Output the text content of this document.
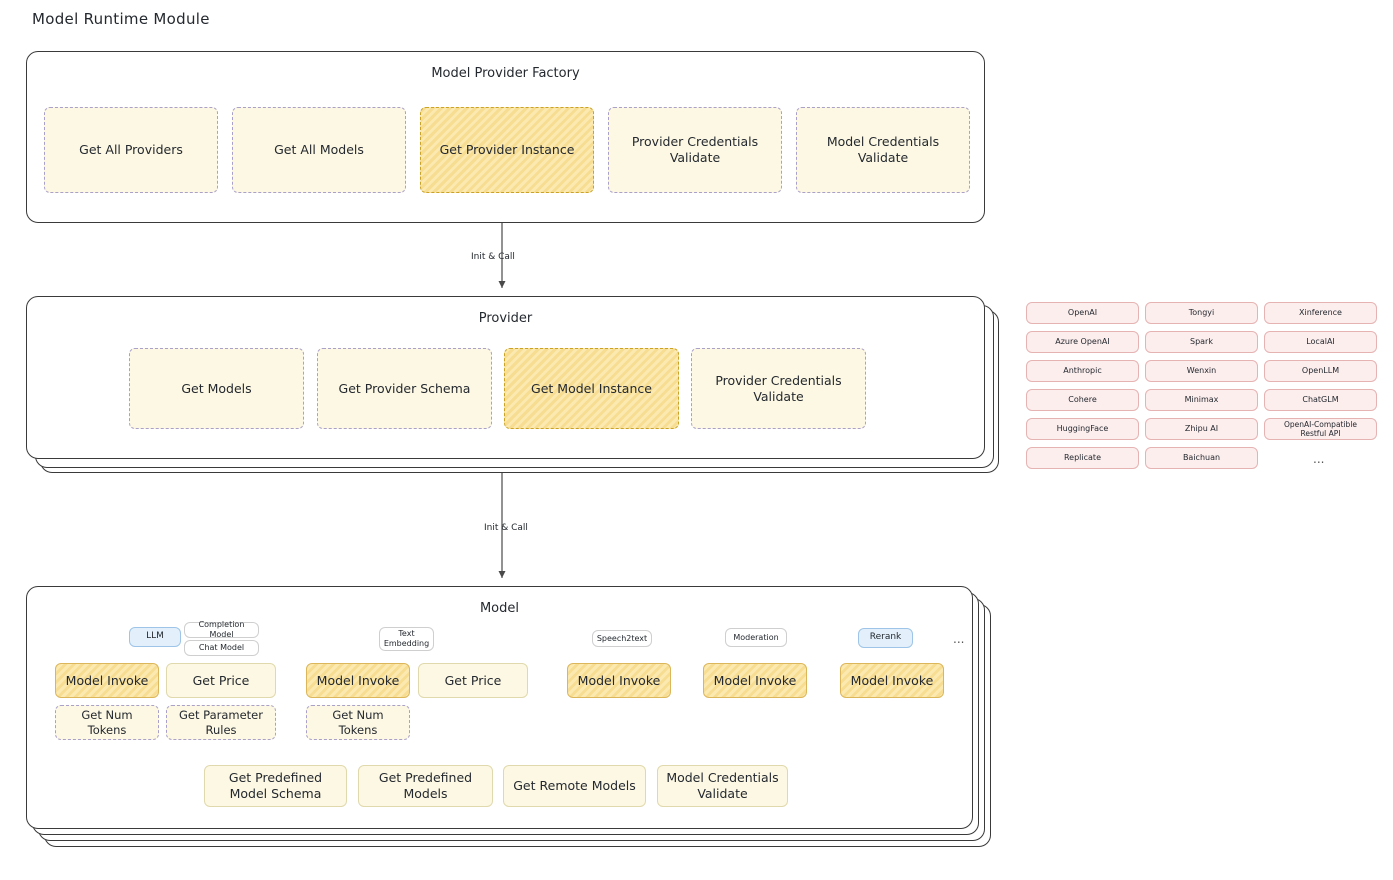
Model Runtime Module
Init & Call
Init & Call
Model Provider Factory
Get All Providers	Get All Models	Get Provider Instance
Provider Credentials Validate
Model Credentials Validate
Provider
Get Models	Get Provider Schema	Get Model Instance
Provider Credentials Validate
OpenAI
Azure OpenAI
Anthropic
Cohere
HuggingFace
Replicate
Tongyi
Spark
Wenxin
Minimax
Zhipu AI
Baichuan
Xinference
LocalAI
OpenLLM
ChatGLM
OpenAI-Compatible Restful API
...
Model
LLM
Completion Model
Chat Model
Text Embedding
Speech2text	Moderation	Rerank	...
Model Invoke	Get Price
Get Num Tokens
Get Parameter Rules
Model Invoke	Get Price
Get Num Tokens
Model Invoke	Model Invoke	Model Invoke
Get Predefined Model Schema
Get Predefined Models
Get Remote Models
Model Credentials Validate
